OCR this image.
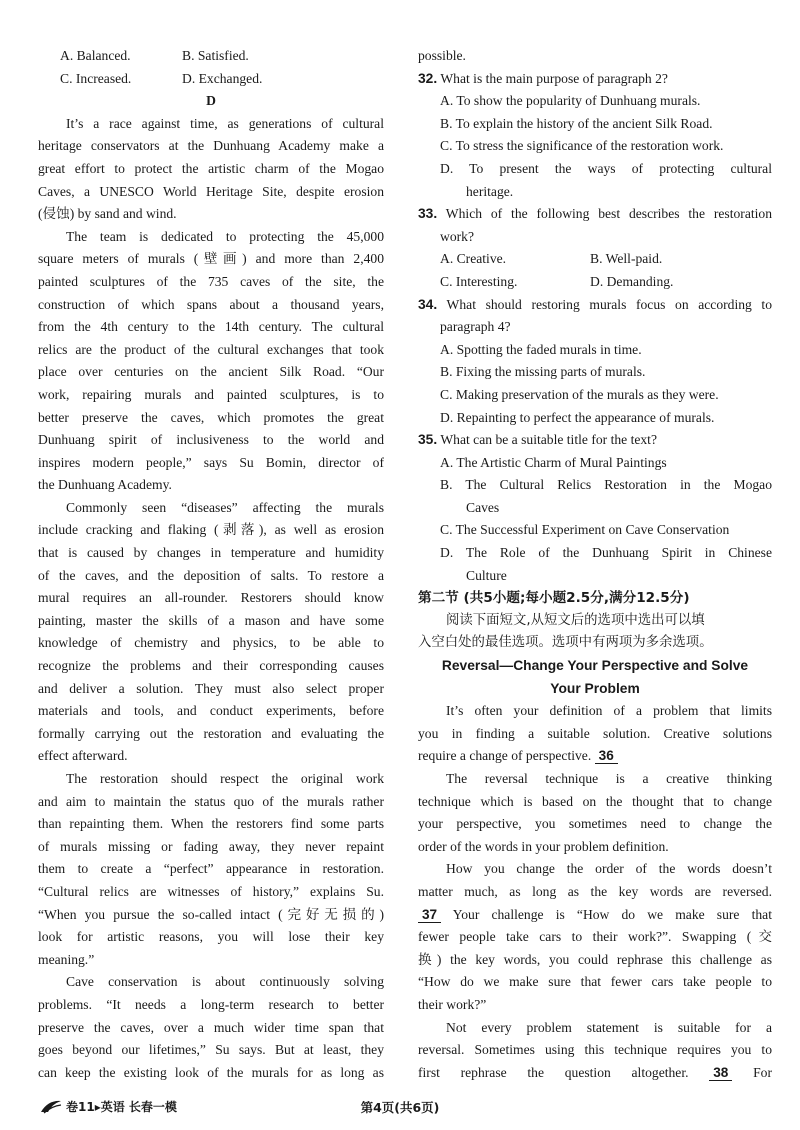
A. Balanced.	B. Satisfied.
C. Increased.	D. Exchanged.
D
It’s a race against time, as generations of cultural
heritage conservators at the Dunhuang Academy make a
great effort to protect the artistic charm of the Mogao
Caves, a UNESCO World Heritage Site, despite erosion
(侵蚀) by sand and wind.
The team is dedicated to protecting the 45,000
square meters of murals (壁画) and more than 2,400
painted sculptures of the 735 caves of the site, the
construction of which spans about a thousand years,
from the 4th century to the 14th century. The cultural
relics are the product of the cultural exchanges that took
place over centuries on the ancient Silk Road. “Our
work, repairing murals and painted sculptures, is to
better preserve the caves, which promotes the great
Dunhuang spirit of inclusiveness to the world and
inspires modern people,” says Su Bomin, director of
the Dunhuang Academy.
Commonly seen “diseases” affecting the murals
include cracking and flaking (剥落), as well as erosion
that is caused by changes in temperature and humidity
of the caves, and the deposition of salts. To restore a
mural requires an all-rounder. Restorers should know
painting, master the skills of a mason and have some
knowledge of chemistry and physics, to be able to
recognize the problems and their corresponding causes
and deliver a solution. They must also select proper
materials and tools, and conduct experiments, before
formally carrying out the restoration and evaluating the
effect afterward.
The restoration should respect the original work
and aim to maintain the status quo of the murals rather
than repainting them. When the restorers find some parts
of murals missing or fading away, they never repaint
them to create a “perfect” appearance in restoration.
“Cultural relics are witnesses of history,” explains Su.
“When you pursue the so-called intact (完好无损的)
look for artistic reasons, you will lose their key
meaning.”
Cave conservation is about continuously solving
problems. “It needs a long-term research to better
preserve the caves, over a much wider time span that
goes beyond our lifetimes,” Su says. But at least, they
can keep the existing look of the murals for as long as
possible.
32. What is the main purpose of paragraph 2?
A. To show the popularity of Dunhuang murals.
B. To explain the history of the ancient Silk Road.
C. To stress the significance of the restoration work.
D. To present the ways of protecting cultural
heritage.
33. Which of the following best describes the restoration
work?
A. Creative.	B. Well-paid.
C. Interesting.	D. Demanding.
34. What should restoring murals focus on according to
paragraph 4?
A. Spotting the faded murals in time.
B. Fixing the missing parts of murals.
C. Making preservation of the murals as they were.
D. Repainting to perfect the appearance of murals.
35. What can be a suitable title for the text?
A. The Artistic Charm of Mural Paintings
B. The Cultural Relics Restoration in the Mogao
Caves
C. The Successful Experiment on Cave Conservation
D. The Role of the Dunhuang Spirit in Chinese
Culture
第二节 (共5小题;每小题2.5分,满分12.5分)
阅读下面短文,从短文后的选项中选出可以填
入空白处的最佳选项。选项中有两项为多余选项。
Reversal—Change Your Perspective and Solve
Your Problem
It’s often your definition of a problem that limits
you in finding a suitable solution. Creative solutions
require a change of perspective. 36
The reversal technique is a creative thinking
technique which is based on the thought that to change
your perspective, you sometimes need to change the
order of the words in your problem definition.
How you change the order of the words doesn’t
matter much, as long as the key words are reversed.
37 Your challenge is “How do we make sure that
fewer people take cars to their work?”. Swapping (交
换) the key words, you could rephrase this challenge as
“How do we make sure that fewer cars take people to
their work?”
Not every problem statement is suitable for a
reversal. Sometimes using this technique requires you to
first rephrase the question altogether. 38 For
卷11▸英语 长春一模	第4页(共6页)
